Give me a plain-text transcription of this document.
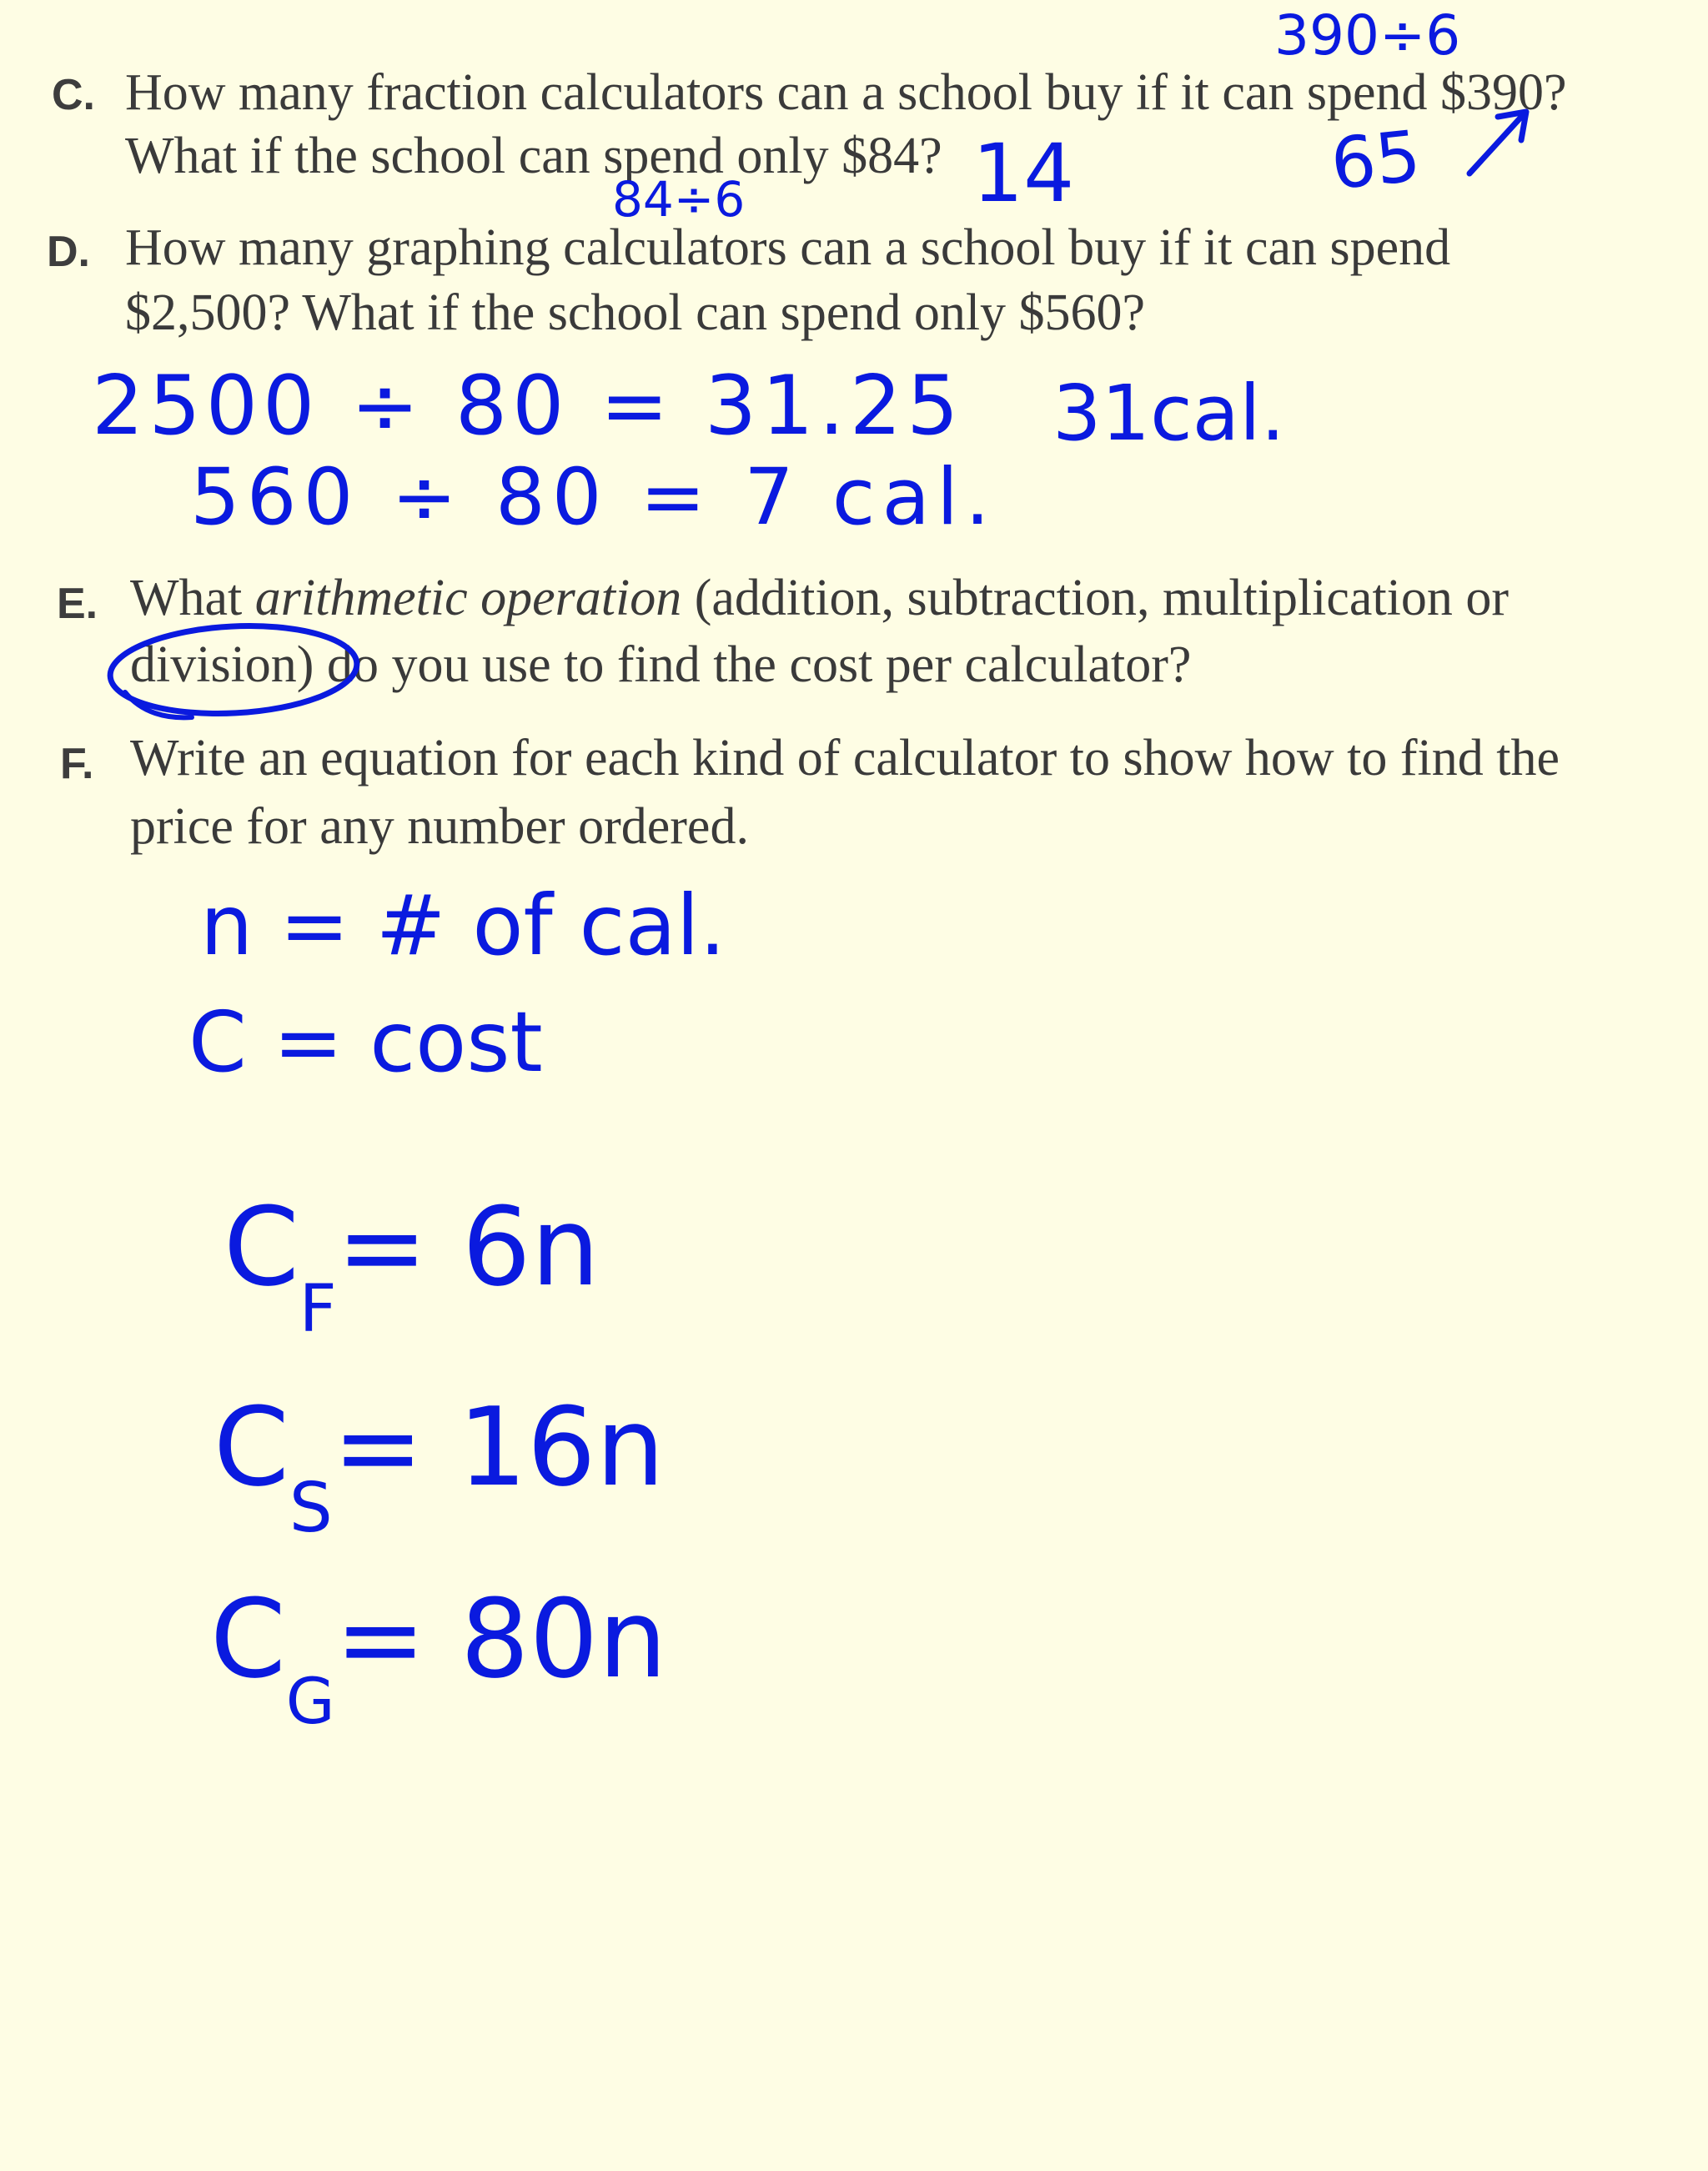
C. How many fraction calculators can a school buy if it can spend $390?
What if the school can spend only $84?
D. How many graphing calculators can a school buy if it can spend
$2,500? What if the school can spend only $560?
E. What arithmetic operation (addition, subtraction, multiplication or
division) do you use to find the cost per calculator?
F. Write an equation for each kind of calculator to show how to find the
price for any number ordered.
390÷6
65
84÷6	14
2500 ÷ 80 = 31.25 31cal.
560 ÷ 80 = 7 cal.
n = # of cal.
C = cost
$C_F= 6n$
$C_S= 16n$
$C_G= 80n$
